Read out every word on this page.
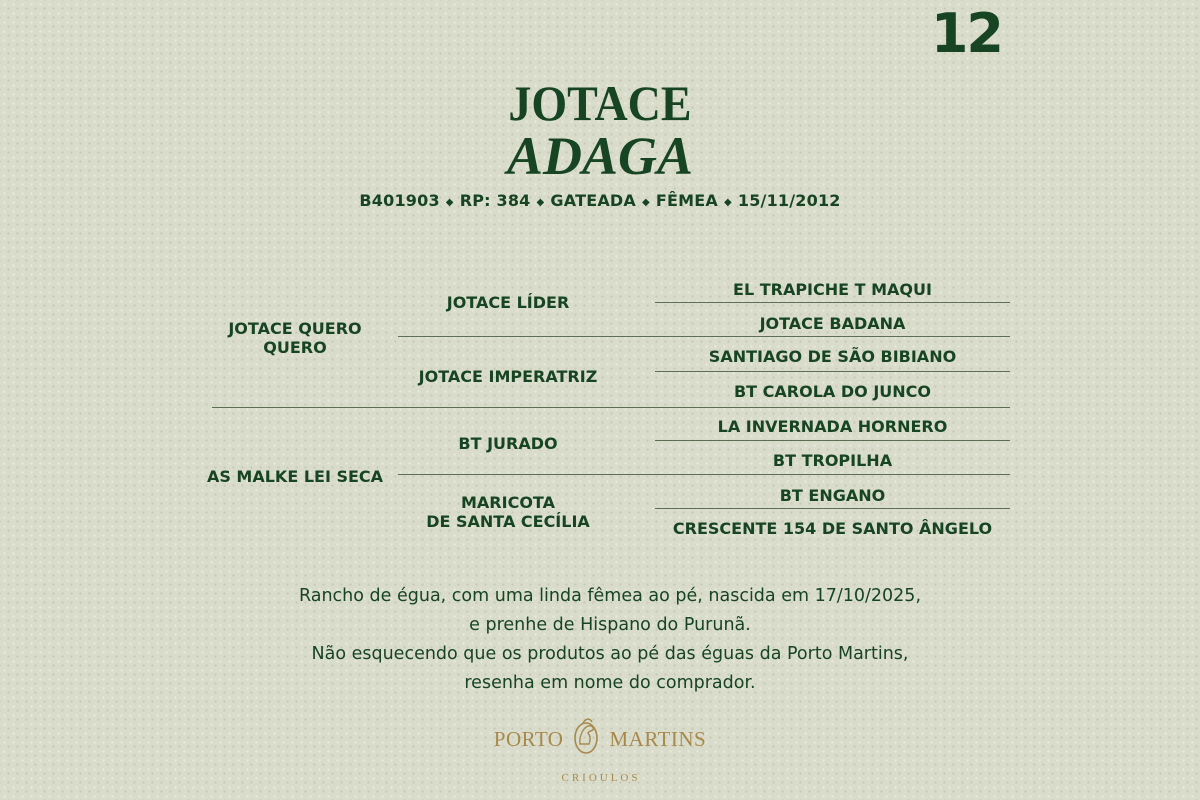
12
JOTACE
ADAGA
B401903 ◆ RP: 384 ◆ GATEADA ◆ FÊMEA ◆ 15/11/2012
JOTACE QUERO QUERO
AS MALKE LEI SECA
JOTACE LÍDER
JOTACE IMPERATRIZ
BT JURADO
MARICOTA
DE SANTA CECÍLIA
EL TRAPICHE T MAQUI
JOTACE BADANA
SANTIAGO DE SÃO BIBIANO
BT CAROLA DO JUNCO
LA INVERNADA HORNERO
BT TROPILHA
BT ENGANO
CRESCENTE 154 DE SANTO ÂNGELO
Rancho de égua, com uma linda fêmea ao pé, nascida em 17/10/2025,
e prenhe de Hispano do Purunã.
Não esquecendo que os produtos ao pé das éguas da Porto Martins,
resenha em nome do comprador.
PORTO MARTINS
CRIOULOS
